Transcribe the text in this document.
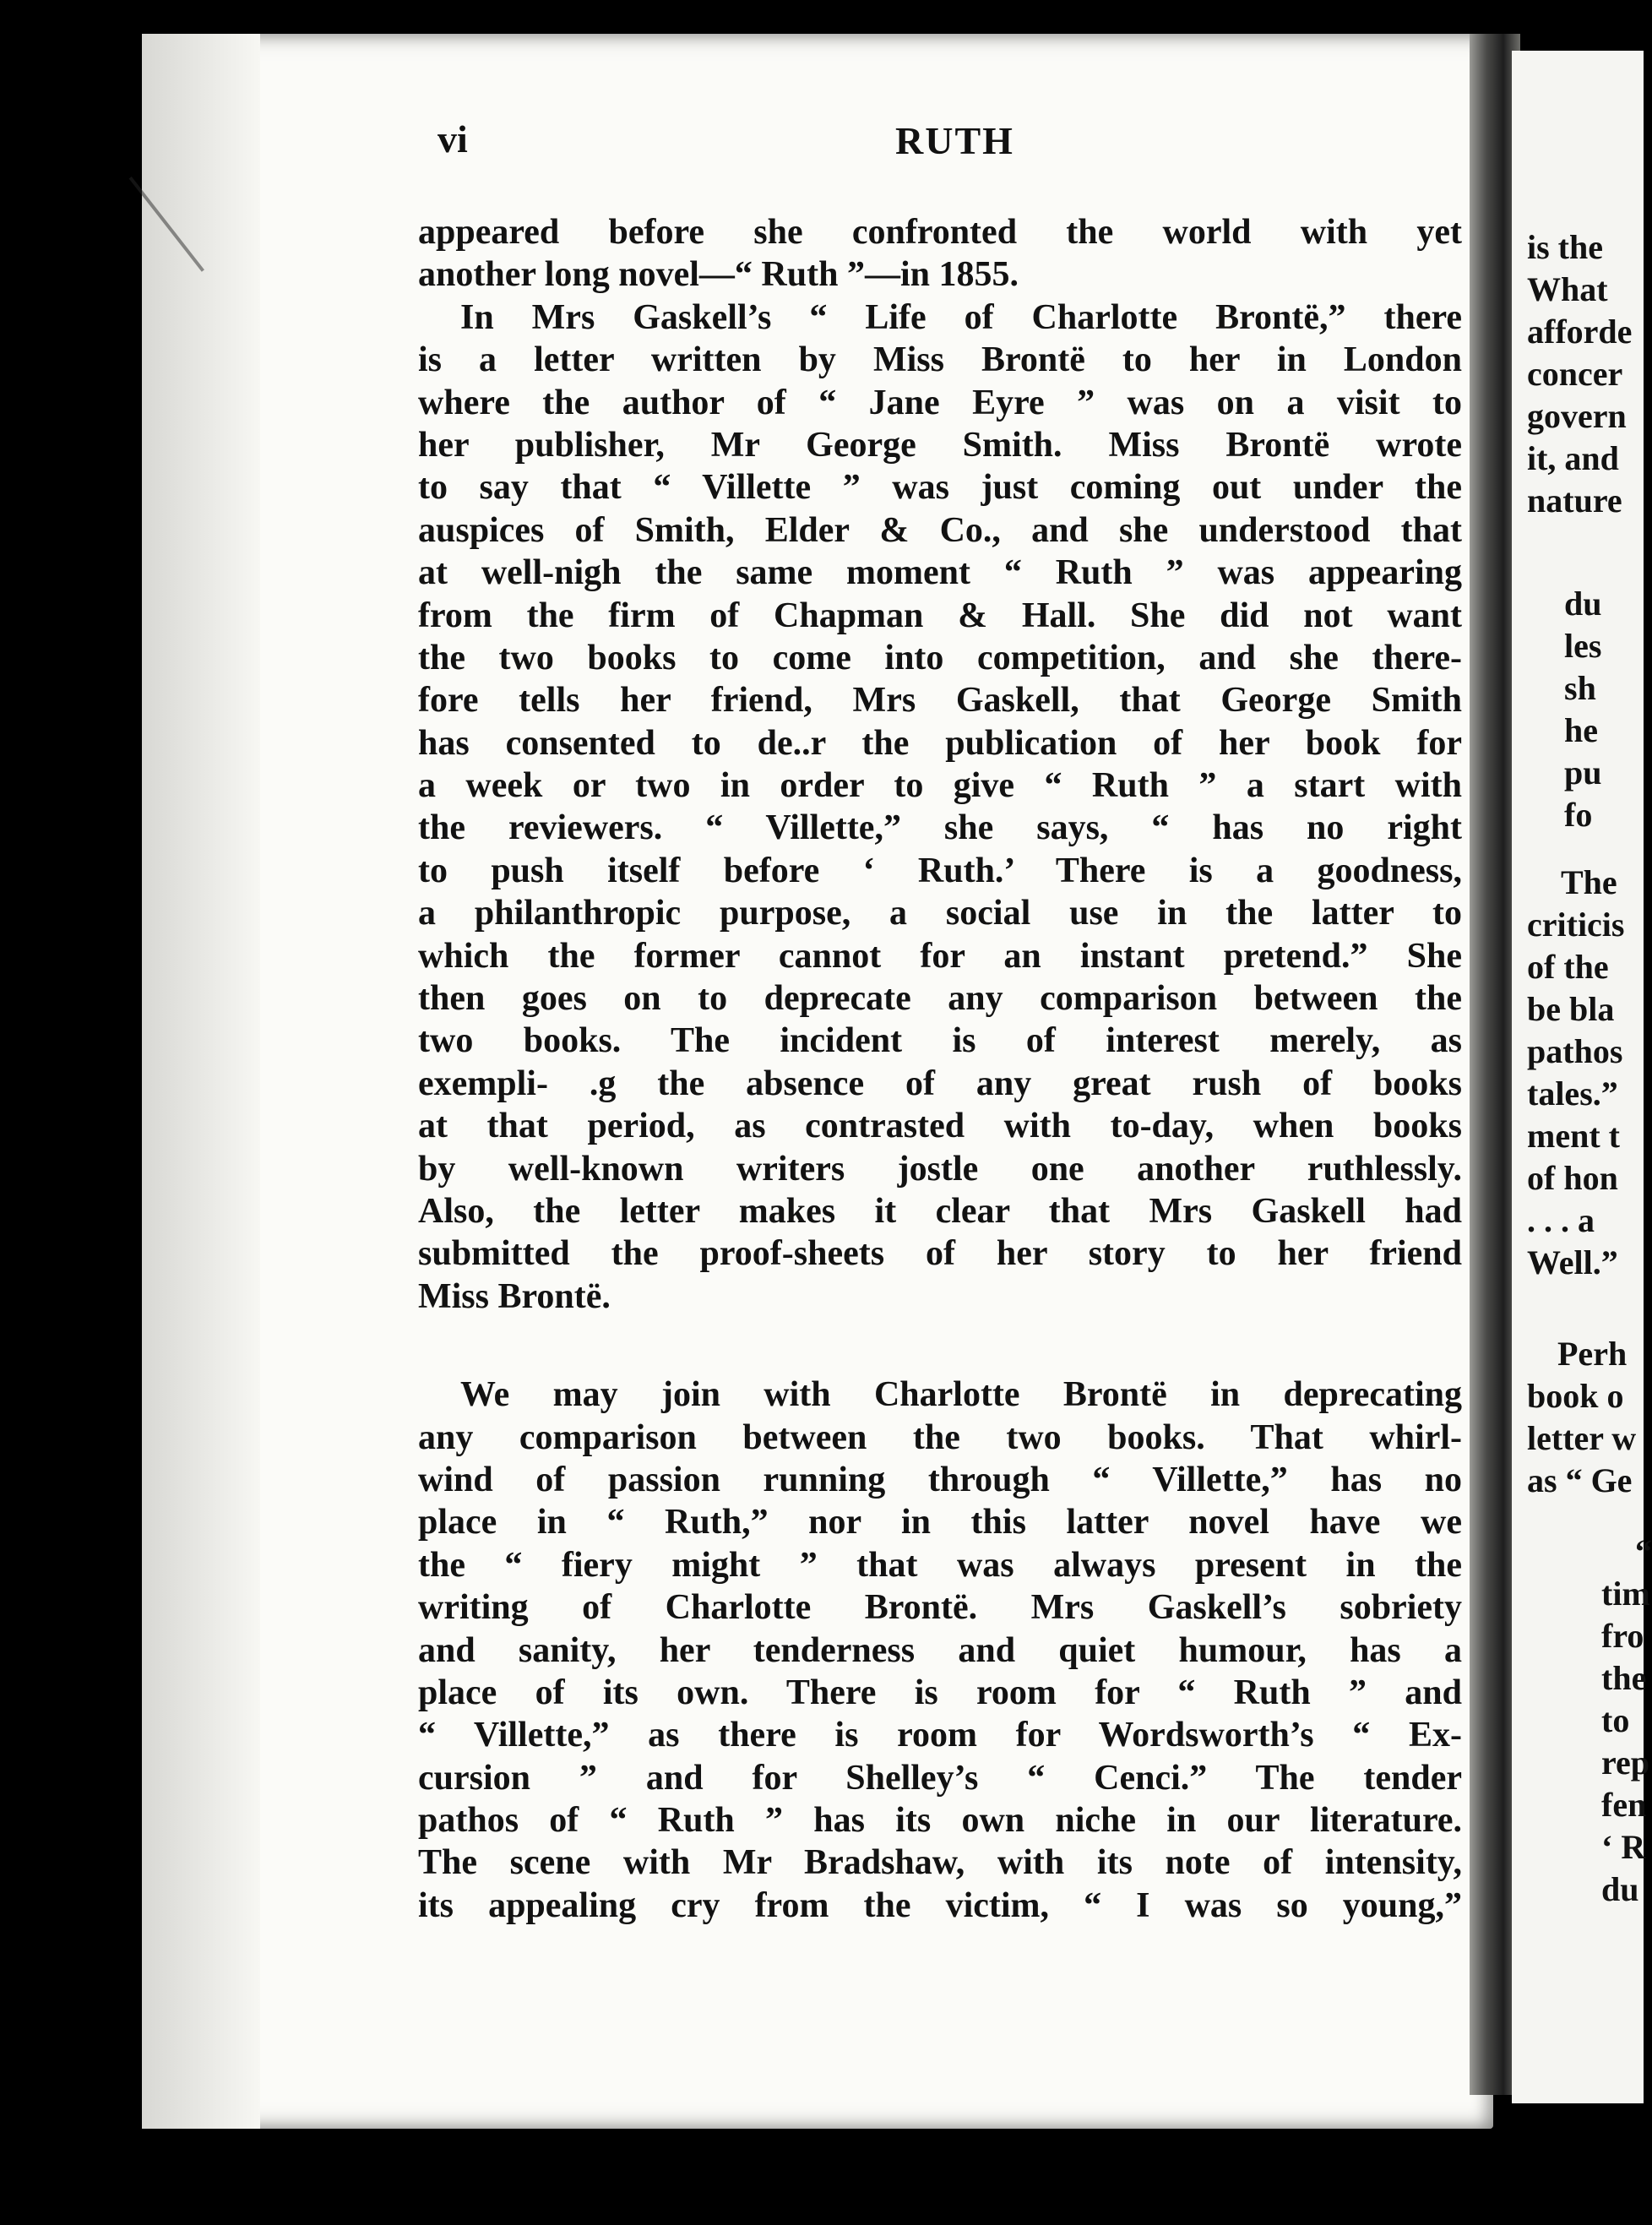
vi	RUTH
appeared before she confronted the world with yet
another long novel—“ Ruth ”—in 1855.
In Mrs Gaskell’s “ Life of Charlotte Brontë,” there
is a letter written by Miss Brontë to her in London
where the author of “ Jane Eyre ” was on a visit to
her publisher, Mr George Smith. Miss Brontë wrote
to say that “ Villette ” was just coming out under the
auspices of Smith, Elder & Co., and she understood that
at well-nigh the same moment “ Ruth ” was appearing
from the firm of Chapman & Hall. She did not want
the two books to come into competition, and she there-
fore tells her friend, Mrs Gaskell, that George Smith
has consented to de..r the publication of her book for
a week or two in order to give “ Ruth ” a start with
the reviewers. “ Villette,” she says, “ has no right
to push itself before ‘ Ruth.’ There is a goodness,
a philanthropic purpose, a social use in the latter to
which the former cannot for an instant pretend.” She
then goes on to deprecate any comparison between the
two books. The incident is of interest merely, as
exempli- .g the absence of any great rush of books
at that period, as contrasted with to-day, when books
by well-known writers jostle one another ruthlessly.
Also, the letter makes it clear that Mrs Gaskell had
submitted the proof-sheets of her story to her friend
Miss Brontë.
We may join with Charlotte Brontë in deprecating
any comparison between the two books. That whirl-
wind of passion running through “ Villette,” has no
place in “ Ruth,” nor in this latter novel have we
the “ fiery might ” that was always present in the
writing of Charlotte Brontë. Mrs Gaskell’s sobriety
and sanity, her tenderness and quiet humour, has a
place of its own. There is room for “ Ruth ” and
“ Villette,” as there is room for Wordsworth’s “ Ex-
cursion ” and for Shelley’s “ Cenci.” The tender
pathos of “ Ruth ” has its own niche in our literature.
The scene with Mr Bradshaw, with its note of intensity,
its appealing cry from the victim, “ I was so young,”
is the
What
afforde
concer
govern
it, and
nature
du
les
sh
he
pu
fo
The
criticis
of the
be bla
pathos
tales.”
ment t
of hon
. . . a
Well.”
Perh
book o
letter w
as “ Ge
“
tim
fro
the
to
rep
fen
‘ R
du
